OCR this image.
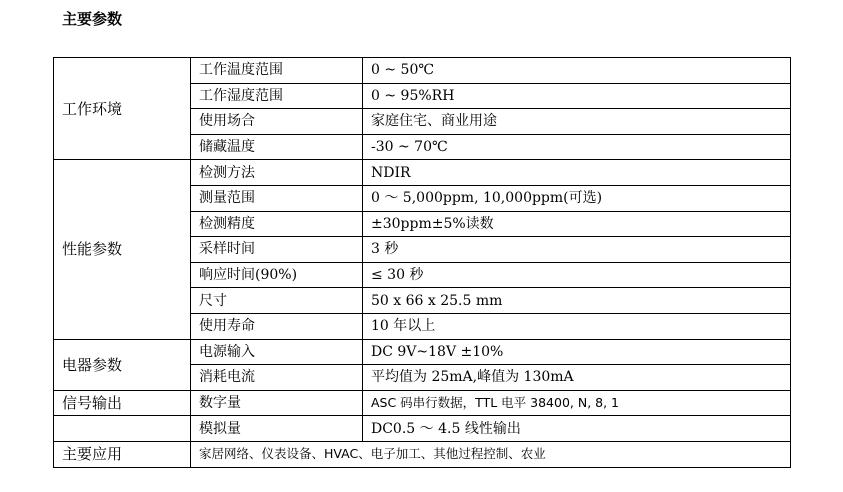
主要参数
工作环境	工作温度范围	0 ~ 50℃
	工作湿度范围	0 ~ 95%RH
	使用场合	家庭住宅、商业用途
	储藏温度	-30 ~ 70℃
性能参数	检测方法	NDIR
	测量范围	0 ～ 5,000ppm, 10,000ppm(可选)
	检测精度	±30ppm±5%读数
	采样时间	3 秒
	响应时间(90%)	≤ 30 秒
	尺寸	50 x 66 x 25.5 mm
	使用寿命	10 年以上
电器参数	电源输入	DC 9V~18V ±10%
	消耗电流	平均值为 25mA,峰值为 130mA
信号输出	数字量	ASC 码串行数据，TTL 电平 38400, N, 8, 1
	模拟量	DC0.5 ～ 4.5 线性输出
主要应用	家居网络、仪表设备、HVAC、电子加工、其他过程控制、农业	
